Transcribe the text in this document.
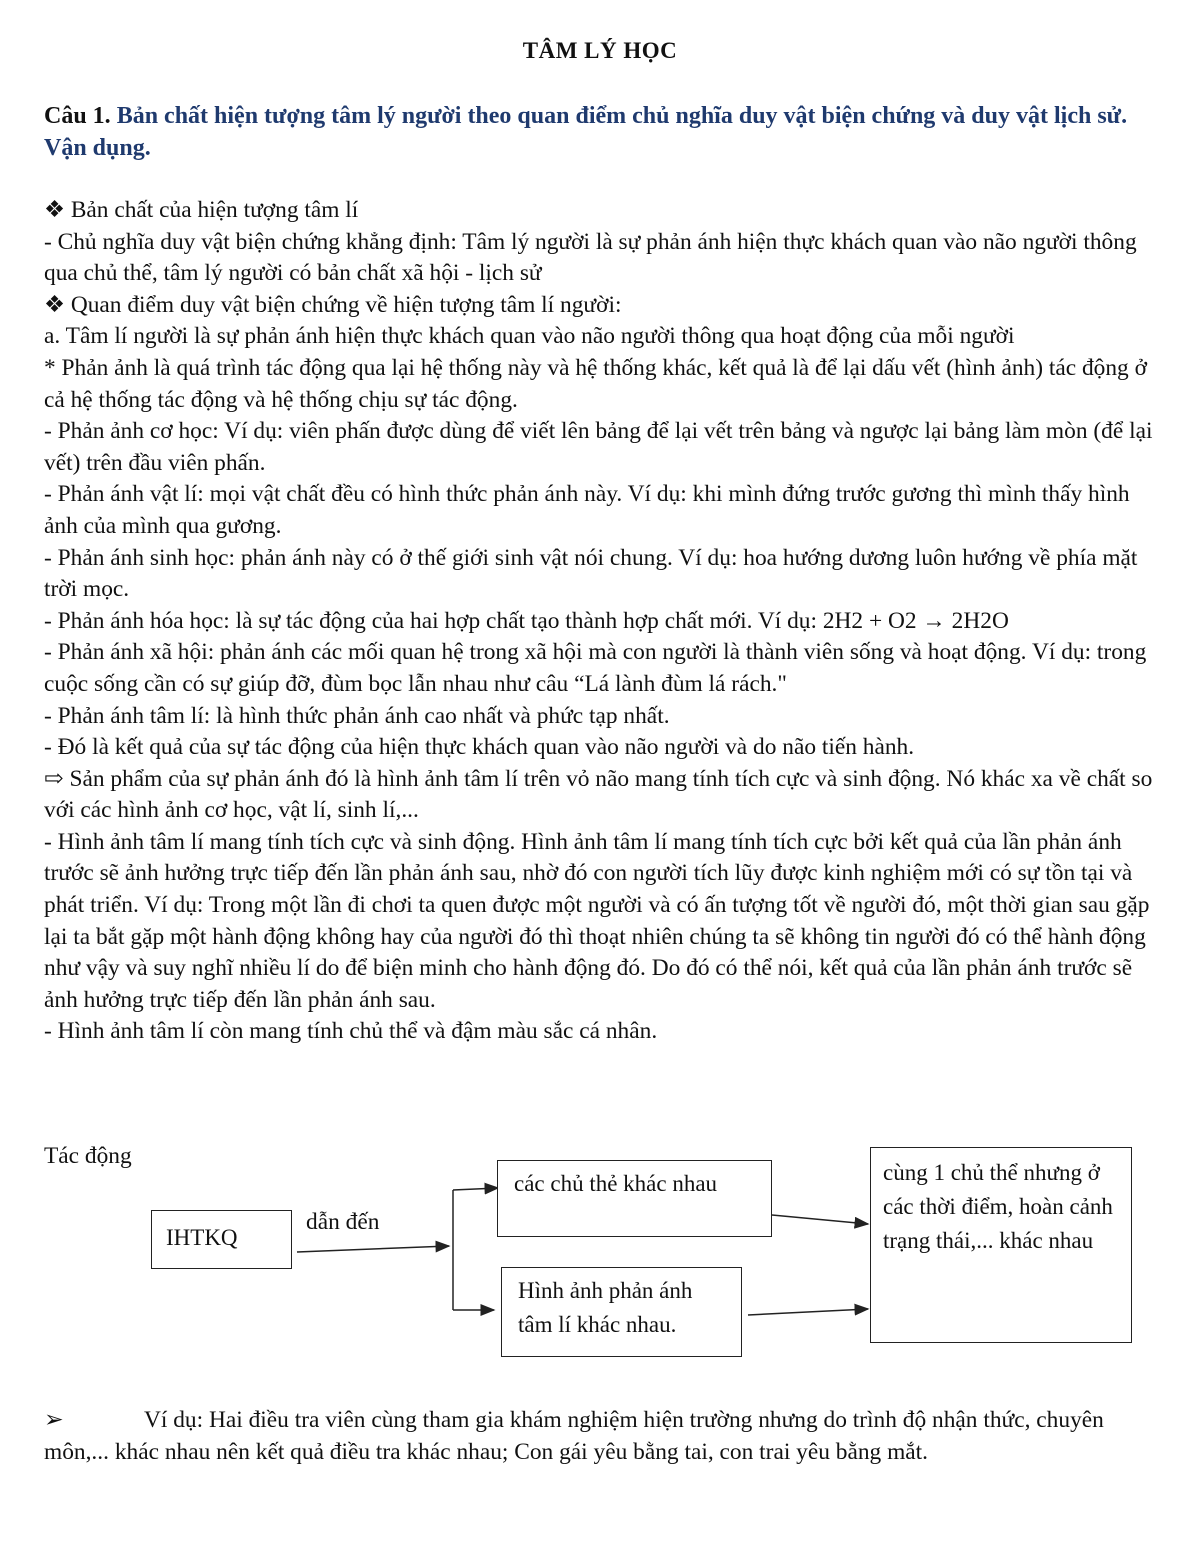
TÂM LÝ HỌC
Câu 1. Bản chất hiện tượng tâm lý người theo quan điểm chủ nghĩa duy vật biện chứng và duy vật lịch sử. Vận dụng.

❖ Bản chất của hiện tượng tâm lí

- Chủ nghĩa duy vật biện chứng khẳng định: Tâm lý người là sự phản ánh hiện thực khách quan vào não người thông qua chủ thể, tâm lý người có bản chất xã hội - lịch sử

❖ Quan điểm duy vật biện chứng về hiện tượng tâm lí người:

a. Tâm lí người là sự phản ánh hiện thực khách quan vào não người thông qua hoạt động của mỗi người

* Phản ảnh là quá trình tác động qua lại hệ thống này và hệ thống khác, kết quả là để lại dấu vết (hình ảnh) tác động ở cả hệ thống tác động và hệ thống chịu sự tác động.

- Phản ảnh cơ học: Ví dụ: viên phấn được dùng để viết lên bảng để lại vết trên bảng và ngược lại bảng làm mòn (để lại vết) trên đầu viên phấn.

- Phản ánh vật lí: mọi vật chất đều có hình thức phản ánh này. Ví dụ: khi mình đứng trước gương thì mình thấy hình ảnh của mình qua gương.

- Phản ánh sinh học: phản ánh này có ở thế giới sinh vật nói chung. Ví dụ: hoa hướng dương luôn hướng về phía mặt trời mọc.

- Phản ánh hóa học: là sự tác động của hai hợp chất tạo thành hợp chất mới. Ví dụ: 2H2 + O2 → 2H2O

- Phản ánh xã hội: phản ánh các mối quan hệ trong xã hội mà con người là thành viên sống và hoạt động. Ví dụ: trong cuộc sống cần có sự giúp đỡ, đùm bọc lẫn nhau như câu “Lá lành đùm lá rách."

- Phản ánh tâm lí: là hình thức phản ánh cao nhất và phức tạp nhất.

- Đó là kết quả của sự tác động của hiện thực khách quan vào não người và do não tiến hành.

⇨ Sản phẩm của sự phản ánh đó là hình ảnh tâm lí trên vỏ não mang tính tích cực và sinh động. Nó khác xa về chất so với các hình ảnh cơ học, vật lí, sinh lí,...

- Hình ảnh tâm lí mang tính tích cực và sinh động. Hình ảnh tâm lí mang tính tích cực bởi kết quả của lần phản ánh trước sẽ ảnh hưởng trực tiếp đến lần phản ánh sau, nhờ đó con người tích lũy được kinh nghiệm mới có sự tồn tại và phát triển. Ví dụ: Trong một lần đi chơi ta quen được một người và có ấn tượng tốt về người đó, một thời gian sau gặp lại ta bắt gặp một hành động không hay của người đó thì thoạt nhiên chúng ta sẽ không tin người đó có thể hành động như vậy và suy nghĩ nhiều lí do để biện minh cho hành động đó. Do đó có thể nói, kết quả của lần phản ánh trước sẽ ảnh hưởng trực tiếp đến lần phản ánh sau.

- Hình ảnh tâm lí còn mang tính chủ thể và đậm màu sắc cá nhân.

Tác động
IHTKQ
dẫn đến
các chủ thẻ khác nhau
Hình ảnh phản ánh tâm lí khác nhau.
cùng 1 chủ thể nhưng ở các thời điểm, hoàn cảnh trạng thái,... khác nhau
➢	Ví dụ: Hai điều tra viên cùng tham gia khám nghiệm hiện trường nhưng do trình độ nhận thức, chuyên môn,... khác nhau nên kết quả điều tra khác nhau; Con gái yêu bằng tai, con trai yêu bằng mắt.
